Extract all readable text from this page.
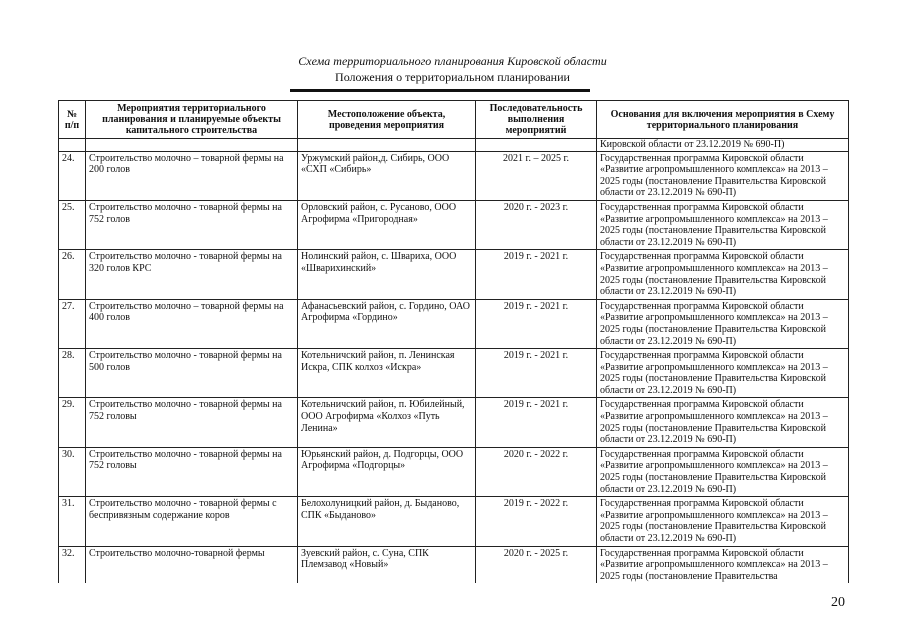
Схема территориального планирования Кировской области
Положения о территориальном планировании
№ п/п	Мероприятия территориального планирования и планируемые объекты капитального строительства	Местоположение объекта, проведения мероприятия	Последовательность выполнения мероприятий	Основания для включения мероприятия в Схему территориального планирования
				Кировской области от 23.12.2019 № 690-П)
24.	Строительство молочно – товарной фермы на 200 голов	Уржумский район,д. Сибирь, ООО «СХП «Сибирь»	2021 г. – 2025 г.	Государственная программа Кировской области «Развитие агропромышленного комплекса» на 2013 – 2025 годы (постановление Правительства Кировской области от 23.12.2019 № 690-П)
25.	Строительство молочно - товарной фермы на 752 голов	Орловский район, с. Русаново, ООО Агрофирма «Пригородная»	2020 г. - 2023 г.	Государственная программа Кировской области «Развитие агропромышленного комплекса» на 2013 – 2025 годы (постановление Правительства Кировской области от 23.12.2019 № 690-П)
26.	Строительство молочно - товарной фермы на 320 голов КРС	Нолинский район, с. Швариха, ООО «Шварихинский»	2019 г. - 2021 г.	Государственная программа Кировской области «Развитие агропромышленного комплекса» на 2013 – 2025 годы (постановление Правительства Кировской области от 23.12.2019 № 690-П)
27.	Строительство молочно – товарной фермы на 400 голов	Афанасьевский район, с. Гордино, ОАО Агрофирма «Гордино»	2019 г. - 2021 г.	Государственная программа Кировской области «Развитие агропромышленного комплекса» на 2013 – 2025 годы (постановление Правительства Кировской области от 23.12.2019 № 690-П)
28.	Строительство молочно - товарной фермы на 500 голов	Котельничский район, п. Ленинская Искра, СПК колхоз «Искра»	2019 г. - 2021 г.	Государственная программа Кировской области «Развитие агропромышленного комплекса» на 2013 – 2025 годы (постановление Правительства Кировской области от 23.12.2019 № 690-П)
29.	Строительство молочно - товарной фермы на 752 головы	Котельничский район, п. Юбилейный, ООО Агрофирма «Колхоз «Путь Ленина»	2019 г. - 2021 г.	Государственная программа Кировской области «Развитие агропромышленного комплекса» на 2013 – 2025 годы (постановление Правительства Кировской области от 23.12.2019 № 690-П)
30.	Строительство молочно - товарной фермы на 752 головы	Юрьянский район, д. Подгорцы, ООО Агрофирма «Подгорцы»	2020 г. - 2022 г.	Государственная программа Кировской области «Развитие агропромышленного комплекса» на 2013 – 2025 годы (постановление Правительства Кировской области от 23.12.2019 № 690-П)
31.	Строительство молочно - товарной фермы с беспривязным содержание коров	Белохолуницкий район, д. Быданово, СПК «Быданово»	2019 г. - 2022 г.	Государственная программа Кировской области «Развитие агропромышленного комплекса» на 2013 – 2025 годы (постановление Правительства Кировской области от 23.12.2019 № 690-П)
32.	Строительство молочно-товарной фермы	Зуевский район, с. Суна, СПК Племзавод «Новый»	2020 г. - 2025 г.	Государственная программа Кировской области «Развитие агропромышленного комплекса» на 2013 – 2025 годы (постановление Правительства
20
